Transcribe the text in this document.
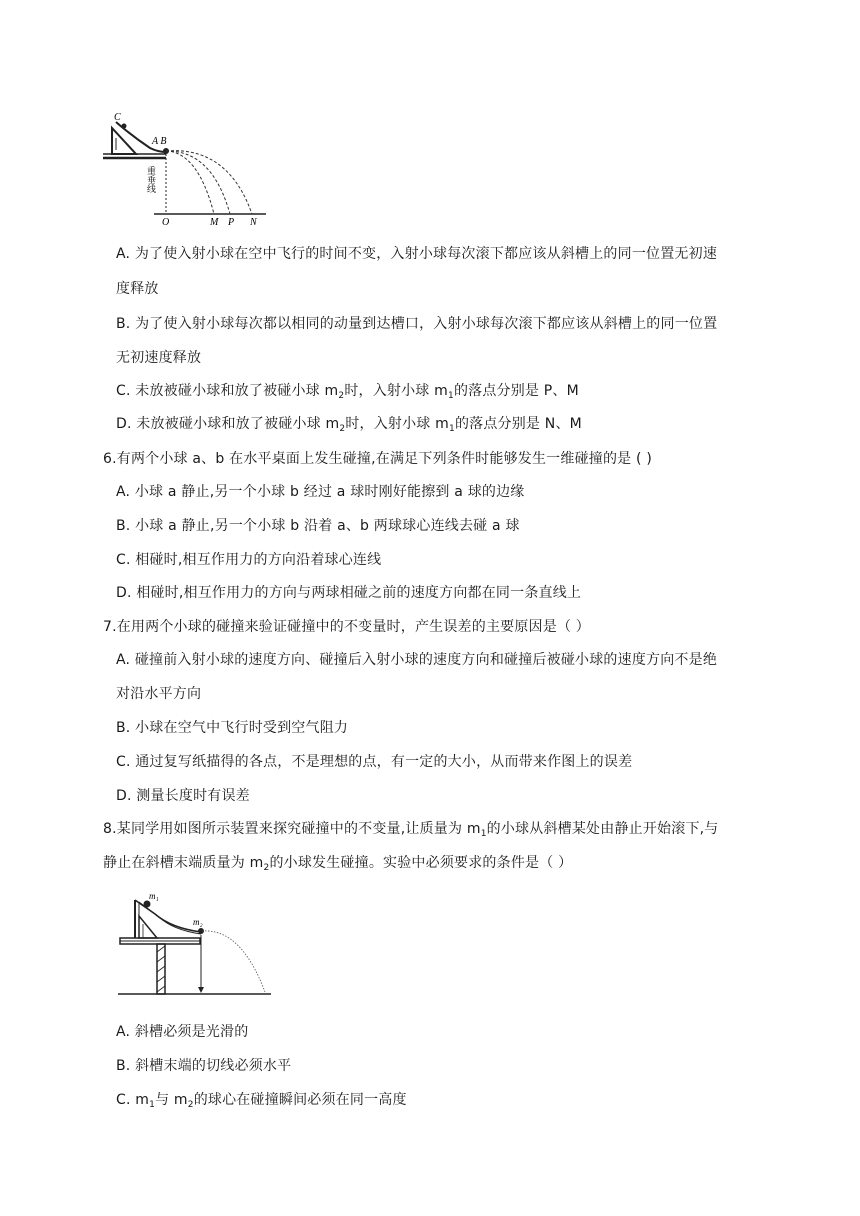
C
A B
O	M P N
重垂线
A. 为了使入射小球在空中飞行的时间不变，入射小球每次滚下都应该从斜槽上的同一位置无初速
度释放
B. 为了使入射小球每次都以相同的动量到达槽口，入射小球每次滚下都应该从斜槽上的同一位置
无初速度释放
C. 未放被碰小球和放了被碰小球 $m_2$时，入射小球 $m_1$的落点分别是 P、M
D. 未放被碰小球和放了被碰小球 $m_2$时，入射小球 $m_1$的落点分别是 N、M
6.有两个小球 a、b 在水平桌面上发生碰撞,在满足下列条件时能够发生一维碰撞的是 ( )
A. 小球 a 静止,另一个小球 b 经过 a 球时刚好能擦到 a 球的边缘
B. 小球 a 静止,另一个小球 b 沿着 a、b 两球球心连线去碰 a 球
C. 相碰时,相互作用力的方向沿着球心连线
D. 相碰时,相互作用力的方向与两球相碰之前的速度方向都在同一条直线上
7.在用两个小球的碰撞来验证碰撞中的不变量时，产生误差的主要原因是（ ）
A. 碰撞前入射小球的速度方向、碰撞后入射小球的速度方向和碰撞后被碰小球的速度方向不是绝
对沿水平方向
B. 小球在空气中飞行时受到空气阻力
C. 通过复写纸描得的各点，不是理想的点，有一定的大小，从而带来作图上的误差
D. 测量长度时有误差
8.某同学用如图所示装置来探究碰撞中的不变量,让质量为 $m_1$的小球从斜槽某处由静止开始滚下,与
静止在斜槽末端质量为 $m_2$的小球发生碰撞。实验中必须要求的条件是（ ）
m₁
m₂
A. 斜槽必须是光滑的
B. 斜槽末端的切线必须水平
C. $m_1$与 $m_2$的球心在碰撞瞬间必须在同一高度
